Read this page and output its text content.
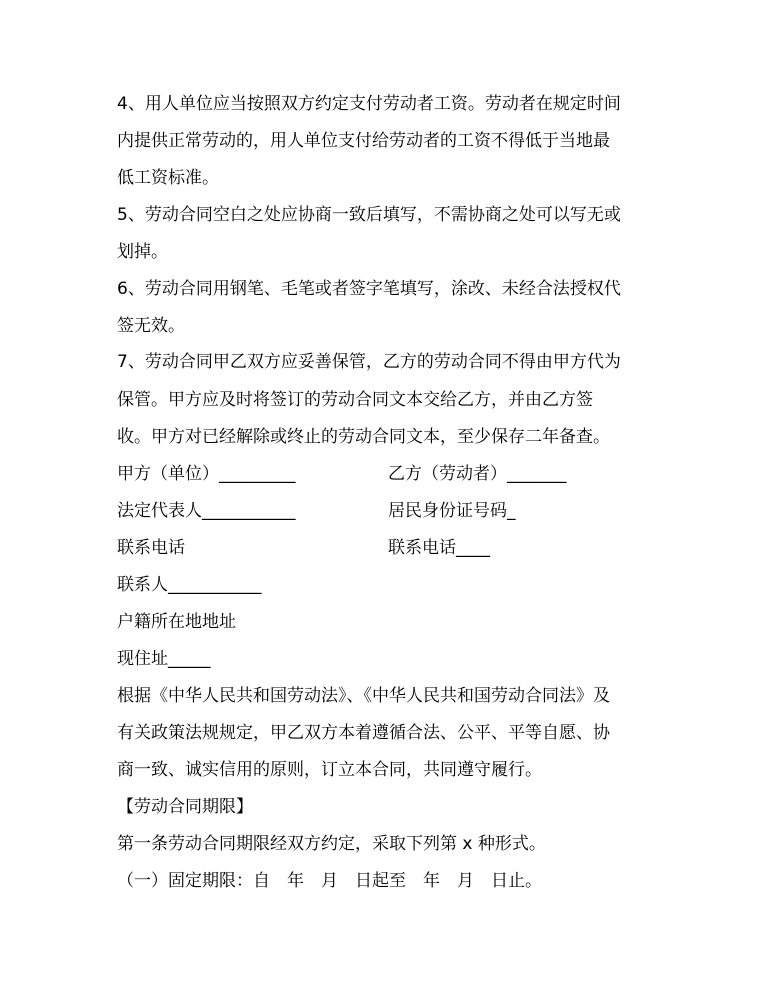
4、用人单位应当按照双方约定支付劳动者工资。劳动者在规定时间
内提供正常劳动的，用人单位支付给劳动者的工资不得低于当地最
低工资标准。
5、劳动合同空白之处应协商一致后填写，不需协商之处可以写无或
划掉。
6、劳动合同用钢笔、毛笔或者签字笔填写，涂改、未经合法授权代
签无效。
7、劳动合同甲乙双方应妥善保管，乙方的劳动合同不得由甲方代为
保管。甲方应及时将签订的劳动合同文本交给乙方，并由乙方签
收。甲方对已经解除或终止的劳动合同文本，至少保存二年备查。
甲方（单位）_________	乙方（劳动者）_______
法定代表人___________	居民身份证号码_
联系电话	联系电话____
联系人___________
户籍所在地地址
现住址_____
根据《中华人民共和国劳动法》、《中华人民共和国劳动合同法》及
有关政策法规规定，甲乙双方本着遵循合法、公平、平等自愿、协
商一致、诚实信用的原则，订立本合同，共同遵守履行。
【劳动合同期限】
第一条劳动合同期限经双方约定，采取下列第 x 种形式。
（一）固定期限：自　年　月　日起至　年　月　日止。
